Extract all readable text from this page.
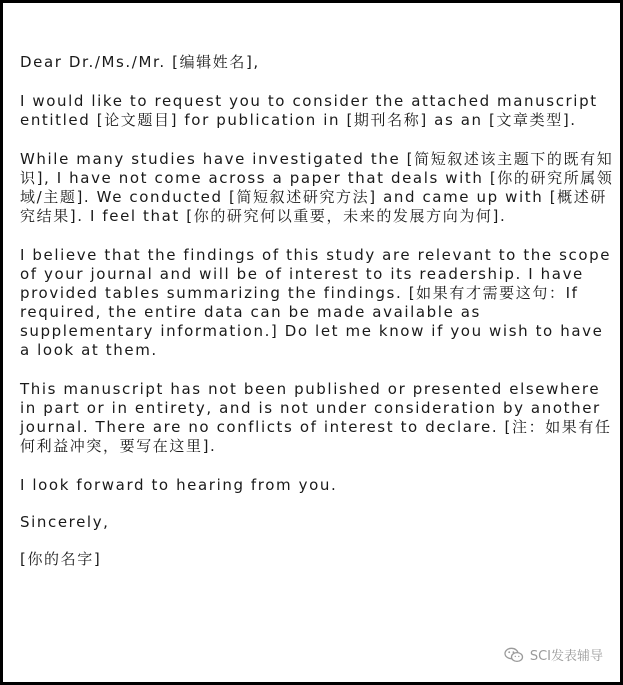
Dear Dr./Ms./Mr. [编辑姓名],

I would like to request you to consider the attached manuscript entitled [论文题目] for publication in [期刊名称] as an [文章类型].

While many studies have investigated the [简短叙述该主题下的既有知识], I have not come across a paper that deals with [你的研究所属领域/主题]. We conducted [简短叙述研究方法] and came up with [概述研究结果]. I feel that [你的研究何以重要，未来的发展方向为何].

I believe that the findings of this study are relevant to the scope of your journal and will be of interest to its readership. I have provided tables summarizing the findings. [如果有才需要这句：If required, the entire data can be made available as supplementary information.] Do let me know if you wish to have a look at them.

This manuscript has not been published or presented elsewhere in part or in entirety, and is not under consideration by another journal. There are no conflicts of interest to declare. [注：如果有任何利益冲突，要写在这里].

I look forward to hearing from you.

Sincerely,

[你的名字]

SCI发表辅导
